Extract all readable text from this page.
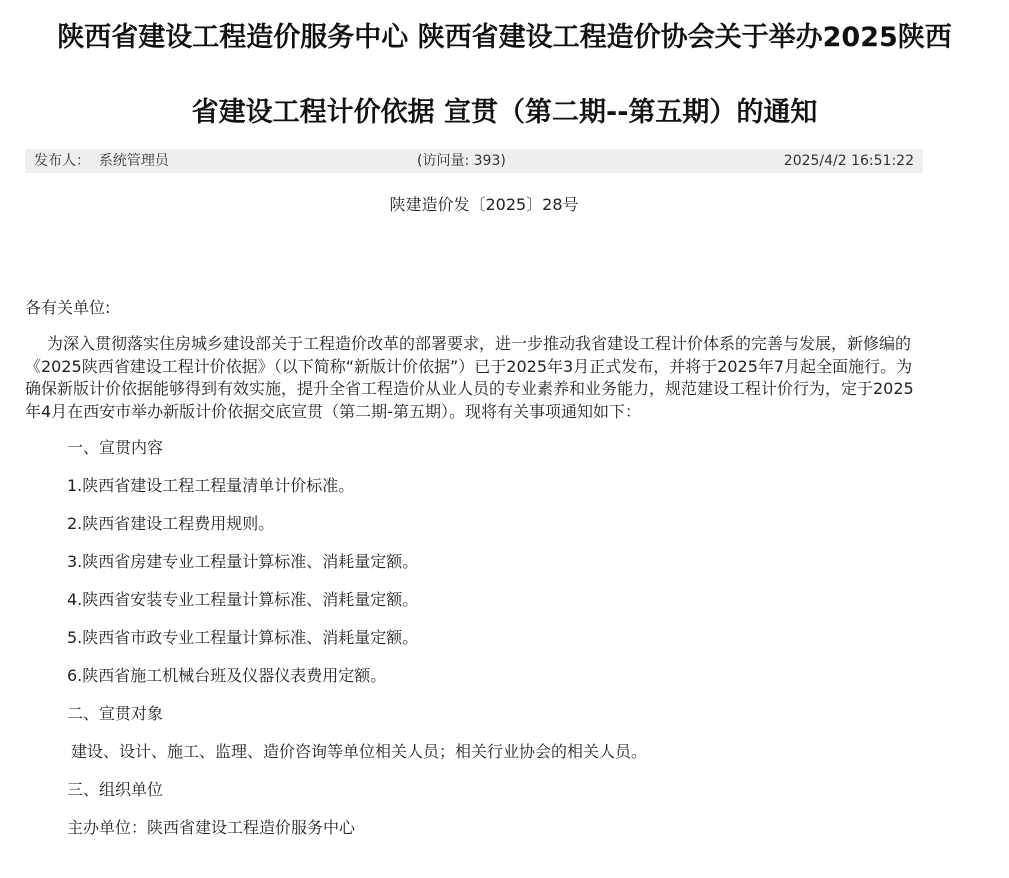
陕西省建设工程造价服务中心 陕西省建设工程造价协会关于举办2025陕西
省建设工程计价依据 宣贯（第二期--第五期）的通知
发布人： 系统管理员	(访问量: 393)	2025/4/2 16:51:22
陕建造价发〔2025〕28号

各有关单位:

为深入贯彻落实住房城乡建设部关于工程造价改革的部署要求，进一步推动我省建设工程计价体系的完善与发展，新修编的《2025陕西省建设工程计价依据》（以下简称“新版计价依据”）已于2025年3月正式发布，并将于2025年7月起全面施行。为确保新版计价依据能够得到有效实施，提升全省工程造价从业人员的专业素养和业务能力，规范建设工程计价行为，定于2025年4月在西安市举办新版计价依据交底宣贯（第二期-第五期）。现将有关事项通知如下：

一、宣贯内容

1.陕西省建设工程工程量清单计价标准。

2.陕西省建设工程费用规则。

3.陕西省房建专业工程量计算标准、消耗量定额。

4.陕西省安装专业工程量计算标准、消耗量定额。

5.陕西省市政专业工程量计算标准、消耗量定额。

6.陕西省施工机械台班及仪器仪表费用定额。

二、宣贯对象

建设、设计、施工、监理、造价咨询等单位相关人员；相关行业协会的相关人员。

三、组织单位

主办单位：陕西省建设工程造价服务中心
